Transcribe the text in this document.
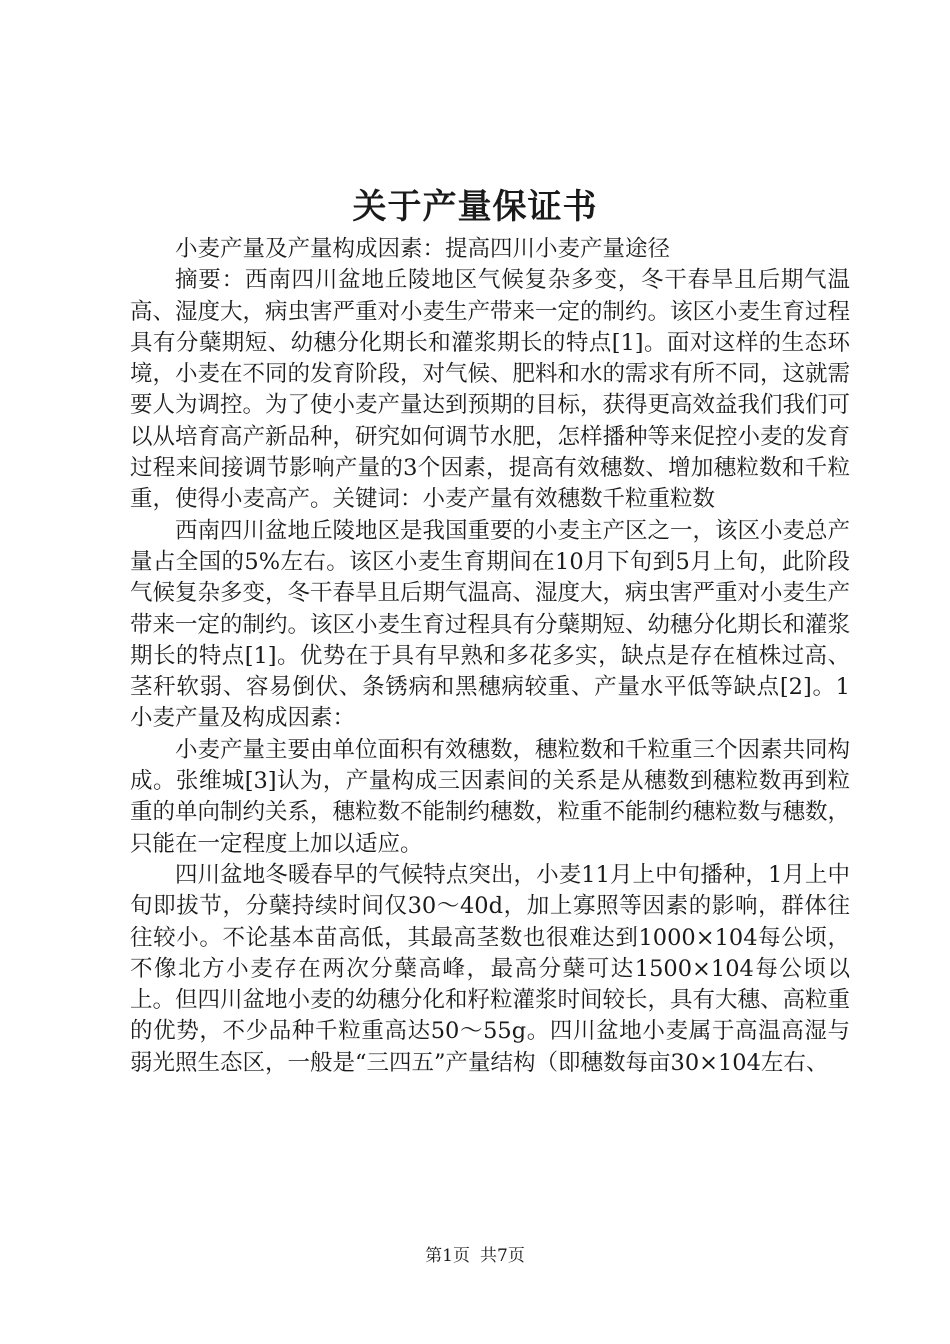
关于产量保证书

小麦产量及产量构成因素：提高四川小麦产量途径

摘要：西南四川盆地丘陵地区气候复杂多变，冬干春旱且后期气温高、湿度大，病虫害严重对小麦生产带来一定的制约。该区小麦生育过程具有分蘖期短、幼穗分化期长和灌浆期长的特点[1]。面对这样的生态环境，小麦在不同的发育阶段，对气候、肥料和水的需求有所不同，这就需要人为调控。为了使小麦产量达到预期的目标，获得更高效益我们我们可以从培育高产新品种，研究如何调节水肥，怎样播种等来促控小麦的发育过程来间接调节影响产量的3个因素，提高有效穗数、增加穗粒数和千粒重，使得小麦高产。关键词：小麦产量有效穗数千粒重粒数

西南四川盆地丘陵地区是我国重要的小麦主产区之一，该区小麦总产量占全国的5%左右。该区小麦生育期间在10月下旬到5月上旬，此阶段气候复杂多变，冬干春旱且后期气温高、湿度大，病虫害严重对小麦生产带来一定的制约。该区小麦生育过程具有分蘖期短、幼穗分化期长和灌浆期长的特点[1]。优势在于具有早熟和多花多实，缺点是存在植株过高、茎秆软弱、容易倒伏、条锈病和黑穗病较重、产量水平低等缺点[2]。1小麦产量及构成因素：

小麦产量主要由单位面积有效穗数，穗粒数和千粒重三个因素共同构成。张维城[3]认为，产量构成三因素间的关系是从穗数到穗粒数再到粒重的单向制约关系，穗粒数不能制约穗数，粒重不能制约穗粒数与穗数，只能在一定程度上加以适应。

四川盆地冬暖春早的气候特点突出，小麦11月上中旬播种，1月上中旬即拔节，分蘖持续时间仅30～40d，加上寡照等因素的影响，群体往往较小。不论基本苗高低，其最高茎数也很难达到1000×104每公顷，不像北方小麦存在两次分蘖高峰，最高分蘖可达1500×104每公顷以上。但四川盆地小麦的幼穗分化和籽粒灌浆时间较长，具有大穗、高粒重的优势，不少品种千粒重高达50～55g。四川盆地小麦属于高温高湿与弱光照生态区，一般是“三四五”产量结构（即穗数每亩30×104左右、

第1页 共7页
